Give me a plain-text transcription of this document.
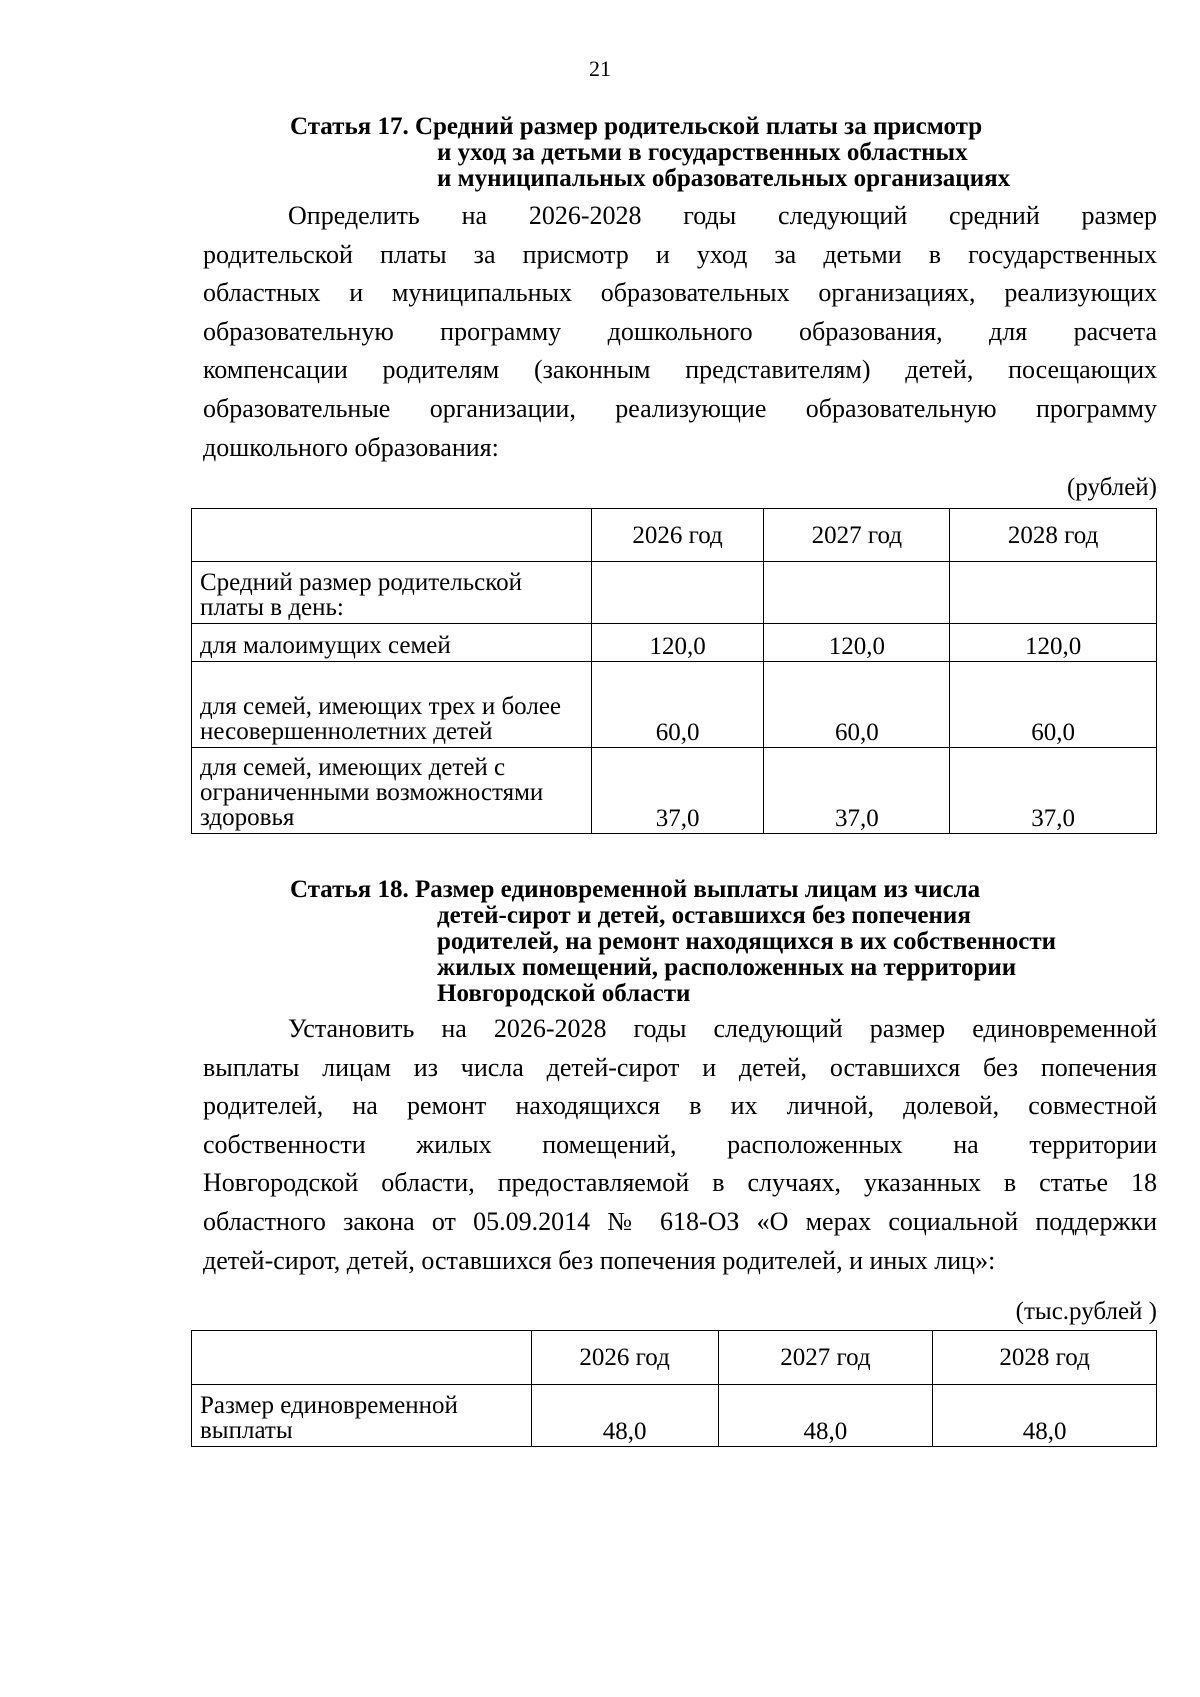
21
Статья 17. Средний размер родительской платы за присмотр
и уход за детьми в государственных областных
и муниципальных образовательных организациях
Определить на 2026-2028 годы следующий средний размер
родительской платы за присмотр и уход за детьми в государственных
областных и муниципальных образовательных организациях, реализующих
образовательную программу дошкольного образования, для расчета
компенсации родителям (законным представителям) детей, посещающих
образовательные организации, реализующие образовательную программу
дошкольного образования:
(рублей)
	2026 год	2027 год	2028 год
Средний размер родительской платы в день:			
для малоимущих семей	120,0	120,0	120,0
для семей, имеющих трех и более несовершеннолетних детей	60,0	60,0	60,0
для семей, имеющих детей с ограниченными возможностями здоровья	37,0	37,0	37,0
Статья 18. Размер единовременной выплаты лицам из числа
детей-сирот и детей, оставшихся без попечения
родителей, на ремонт находящихся в их собственности
жилых помещений, расположенных на территории
Новгородской области
Установить на 2026-2028 годы следующий размер единовременной
выплаты лицам из числа детей-сирот и детей, оставшихся без попечения
родителей, на ремонт находящихся в их личной, долевой, совместной
собственности жилых помещений, расположенных на территории
Новгородской области, предоставляемой в случаях, указанных в статье 18
областного закона от 05.09.2014 № 618-ОЗ «О мерах социальной поддержки
детей-сирот, детей, оставшихся без попечения родителей, и иных лиц»:
(тыс.рублей )
	2026 год	2027 год	2028 год
Размер единовременной выплаты	48,0	48,0	48,0
